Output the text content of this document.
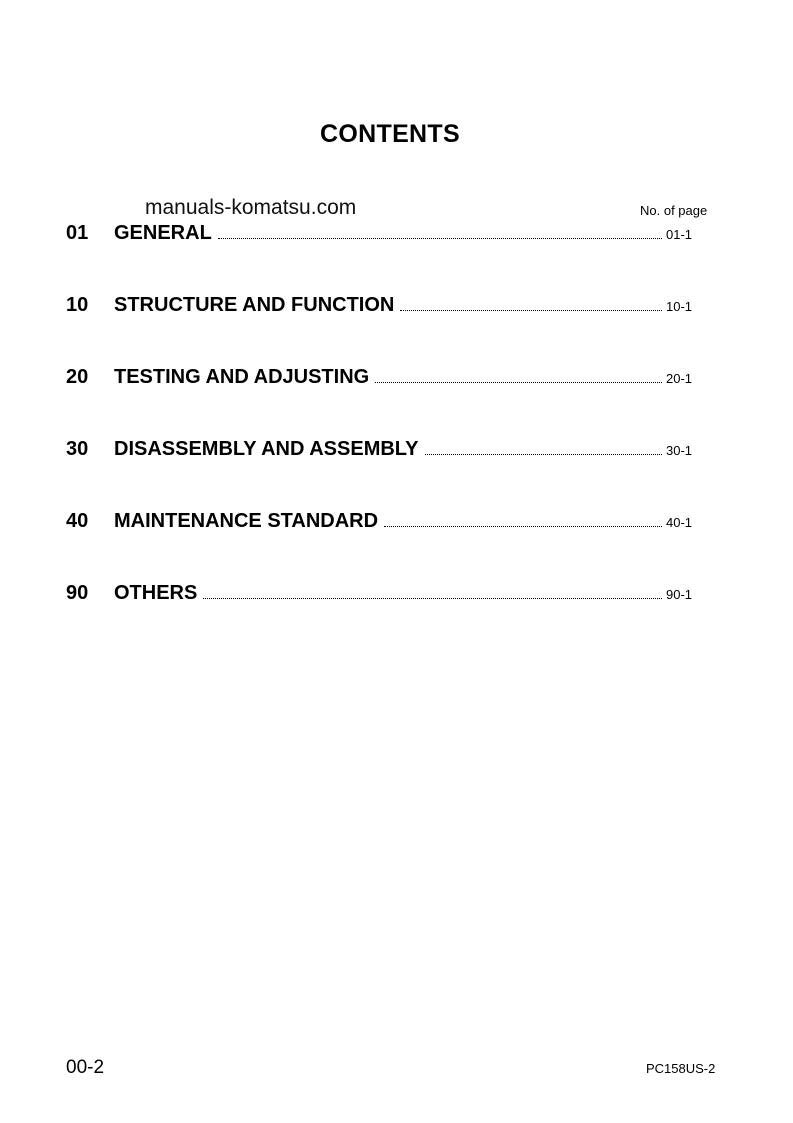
CONTENTS
manuals-komatsu.com	No. of page
01	GENERAL	01-1
10	STRUCTURE AND FUNCTION	10-1
20	TESTING AND ADJUSTING	20-1
30	DISASSEMBLY AND ASSEMBLY	30-1
40	MAINTENANCE STANDARD	40-1
90	OTHERS	90-1
00-2	PC158US-2
